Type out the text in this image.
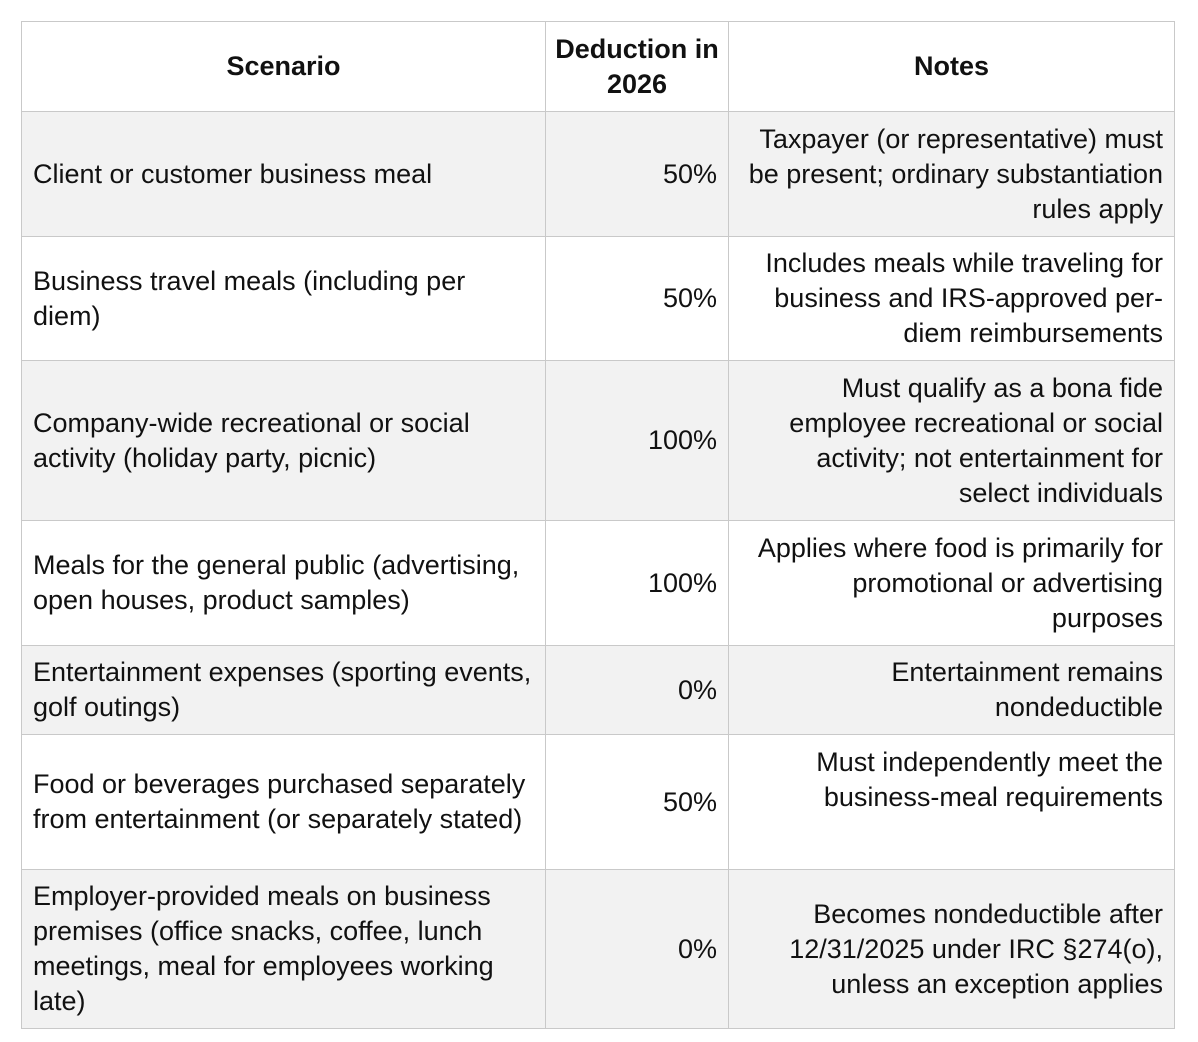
Scenario	Deduction in 2026	Notes
Client or customer business meal	50%	Taxpayer (or representative) must be present; ordinary substantiation rules apply
Business travel meals (including per diem)	50%	Includes meals while traveling for business and IRS-approved per-diem reimbursements
Company-wide recreational or social activity (holiday party, picnic)	100%	Must qualify as a bona fide employee recreational or social activity; not entertainment for select individuals
Meals for the general public (advertising, open houses, product samples)	100%	Applies where food is primarily for promotional or advertising purposes
Entertainment expenses (sporting events, golf outings)	0%	Entertainment remains nondeductible
Food or beverages purchased separately from entertainment (or separately stated)	50%	Must independently meet the business-meal requirements
Employer-provided meals on business premises (office snacks, coffee, lunch meetings, meal for employees working late)	0%	Becomes nondeductible after 12/31/2025 under IRC §274(o), unless an exception applies
